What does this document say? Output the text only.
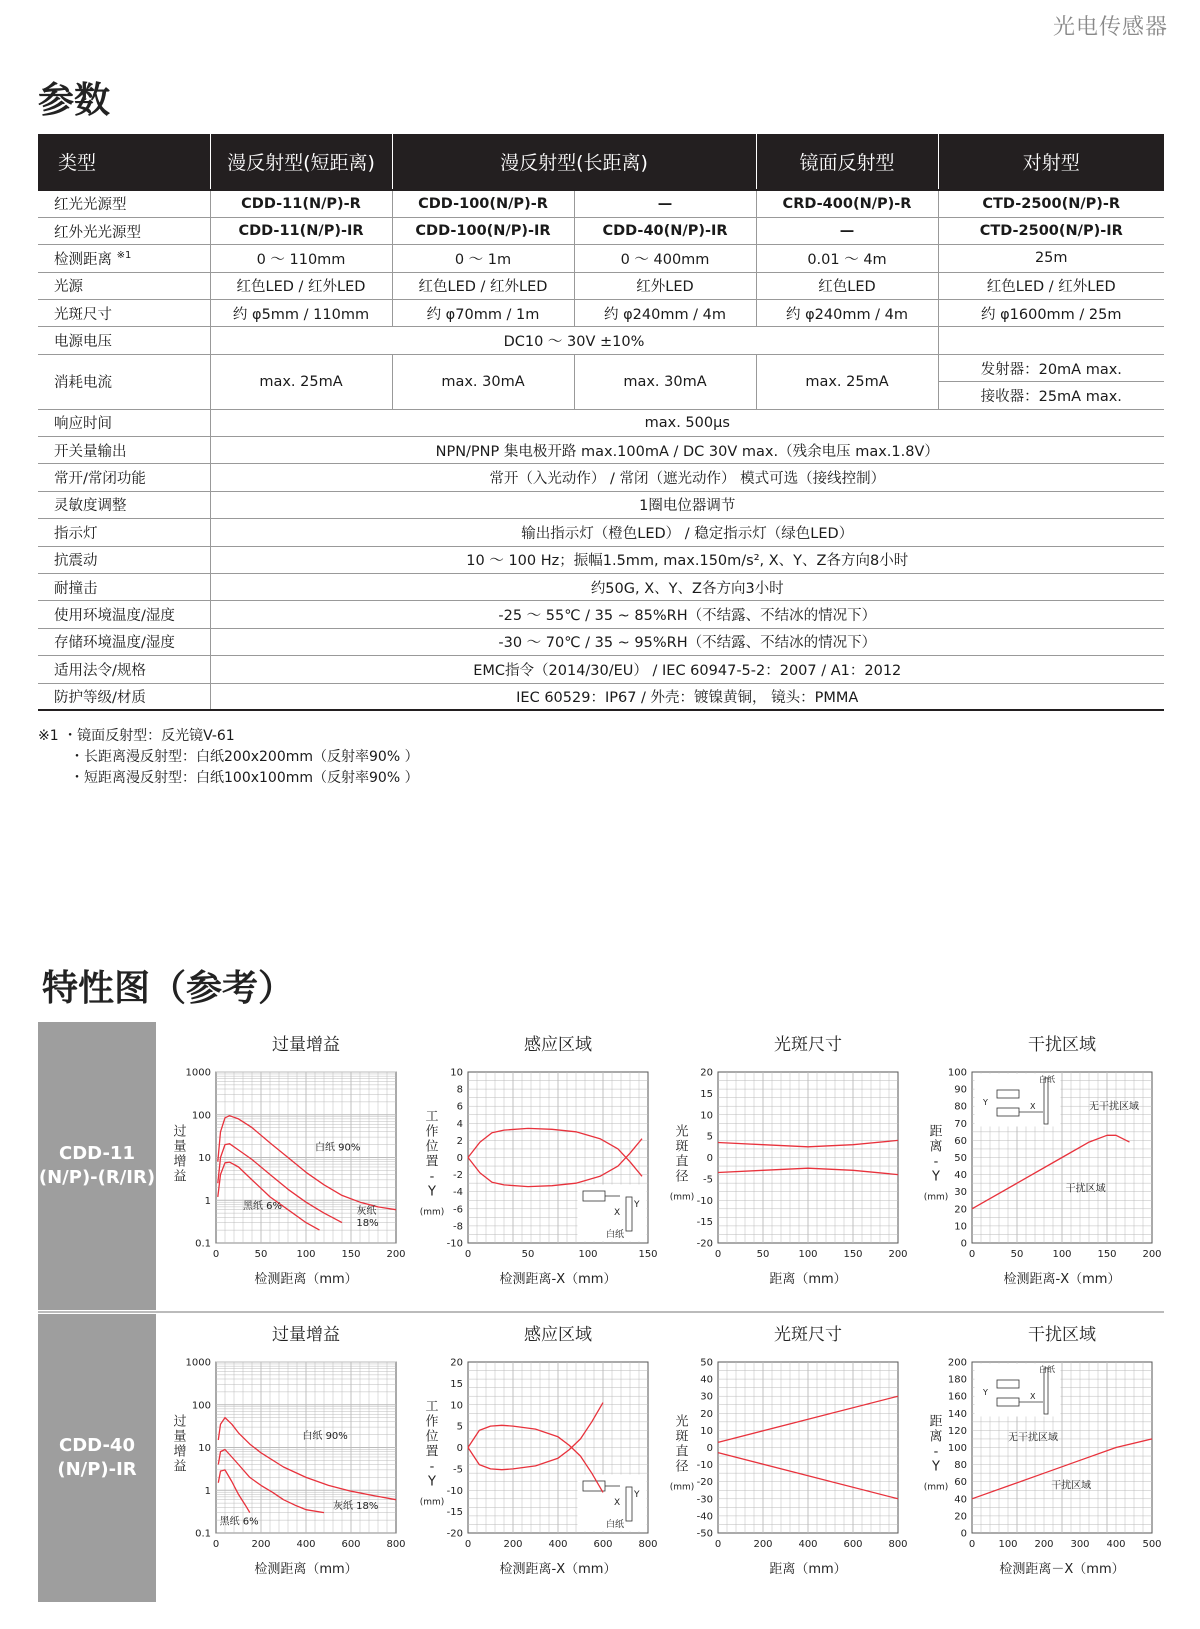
光电传感器
参数
类型	漫反射型(短距离)	漫反射型(长距离)		镜面反射型	对射型
红光光源型	CDD-11(N/P)-R	CDD-100(N/P)-R	—	CRD-400(N/P)-R	CTD-2500(N/P)-R
红外光光源型	CDD-11(N/P)-IR	CDD-100(N/P)-IR	CDD-40(N/P)-IR	—	CTD-2500(N/P)-IR
检测距离 $^{※1}$	0 ～ 110mm	0 ～ 1m	0 ～ 400mm	0.01 ～ 4m	25m
光源	红色LED / 红外LED	红色LED / 红外LED	红外LED	红色LED	红色LED / 红外LED
光斑尺寸	约 φ5mm / 110mm	约 φ70mm / 1m	约 φ240mm / 4m	约 φ240mm / 4m	约 φ1600mm / 25m
电源电压	DC10 ～ 30V ±10%				
消耗电流	max. 25mA	max. 30mA	max. 30mA	max. 25mA	发射器：20mA max.
					接收器：25mA max.
响应时间	max. 500μs				
开关量输出	NPN/PNP 集电极开路 max.100mA / DC 30V max.（残余电压 max.1.8V）				
常开/常闭功能	常开（入光动作） / 常闭（遮光动作） 模式可选（接线控制）				
灵敏度调整	1圈电位器调节				
指示灯	输出指示灯（橙色LED） / 稳定指示灯（绿色LED）				
抗震动	10 ～ 100 Hz；振幅1.5mm, max.150m/s², X、Y、Z各方向8小时				
耐撞击	约50G, X、Y、Z各方向3小时				
使用环境温度/湿度	-25 ～ 55℃ / 35 ~ 85%RH（不结露、不结冰的情况下）				
存储环境温度/湿度	-30 ～ 70℃ / 35 ~ 95%RH（不结露、不结冰的情况下）				
适用法令/规格	EMC指令（2014/30/EU） / IEC 60947-5-2：2007 / A1：2012				
防护等级/材质	IEC 60529：IP67 / 外壳：镀镍黄铜， 镜头：PMMA				
※1 ・镜面反射型：反光镜V-61
・长距离漫反射型：白纸200x200mm（反射率90% ）
・短距离漫反射型：白纸100x100mm（反射率90% ）
特性图（参考）
CDD-11
(N/P)-(R/IR)
CDD-40
(N/P)-IR
过量增益
0	50	100	150	200
0.1
1
10
100
1000
检测距离（mm）
过
量
增
益
白纸 90%
灰纸
18%
黑纸 6%
感应区域
0	50	100	150
10
8
6
4
2
0
-2
-4
-6
-8
-10
检测距离-X（mm）
工
作
位
置
-
Y
(mm)	X
Y
白纸
光斑尺寸
0	50	100	150	200
20
15
10
5
0
-5
-10
-15
-20
距离（mm）
光
斑
直
径
(mm)
干扰区域
0	50	100	150	200
100
90
80
70
60
50
40
30
20
10
0
检测距离-X（mm）
距
离
-
Y
(mm)
白纸
Y	X	无干扰区域
干扰区域
过量增益
0	200	400	600	800
0.1
1
10
100
1000
检测距离（mm）
过
量
增
益
白纸 90%
灰纸 18%
黑纸 6%
感应区域
0	200	400	600	800
20
15
10
5
0
-5
-10
-15
-20
检测距离-X（mm）
工
作
位
置
-
Y
(mm)	X
Y
白纸
光斑尺寸
0	200	400	600	800
50
40
30
20
10
0
-10
-20
-30
-40
-50
距离（mm）
光
斑
直
径
(mm)
干扰区域
0 100 200 300 400 500
200
180
160
140
120
100
80
60
40
20
0
检测距离－X（mm）
距
离
-
Y
(mm)
白纸
Y	X
无干扰区域
干扰区域
